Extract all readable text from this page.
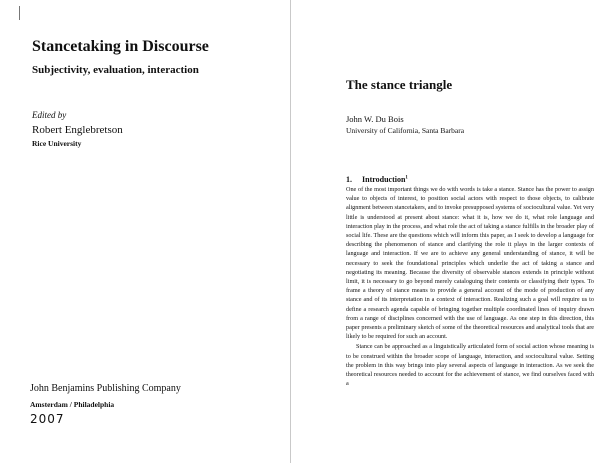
Stancetaking in Discourse
Subjectivity, evaluation, interaction
Edited by
Robert Englebretson
Rice University
John Benjamins Publishing Company
Amsterdam / Philadelphia
2007
The stance triangle
John W. Du Bois
University of California, Santa Barbara
1. Introduction$^1$

One of the most important things we do with words is take a stance. Stance has the power to assign value to objects of interest, to position social actors with respect to those objects, to calibrate alignment between stancetakers, and to invoke presupposed systems of sociocultural value. Yet very little is understood at present about stance: what it is, how we do it, what role language and interaction play in the process, and what role the act of taking a stance fulfills in the broader play of social life. These are the questions which will inform this paper, as I seek to develop a language for describing the phenomenon of stance and clarifying the role it plays in the larger contexts of language and interaction. If we are to achieve any general understanding of stance, it will be necessary to seek the foundational principles which underlie the act of taking a stance and negotiating its meaning. Because the diversity of observable stances extends in principle without limit, it is necessary to go beyond merely cataloguing their contents or classifying their types. To frame a theory of stance means to provide a general account of the mode of production of any stance and of its interpretation in a context of interaction. Realizing such a goal will require us to define a research agenda capable of bringing together multiple coordinated lines of inquiry drawn from a range of disciplines concerned with the use of language. As one step in this direction, this paper presents a preliminary sketch of some of the theoretical resources and analytical tools that are likely to be required for such an account.

Stance can be approached as a linguistically articulated form of social action whose meaning is to be construed within the broader scope of language, interaction, and sociocultural value. Setting the problem in this way brings into play several aspects of language in interaction. As we seek the theoretical resources needed to account for the achievement of stance, we find ourselves faced with a
